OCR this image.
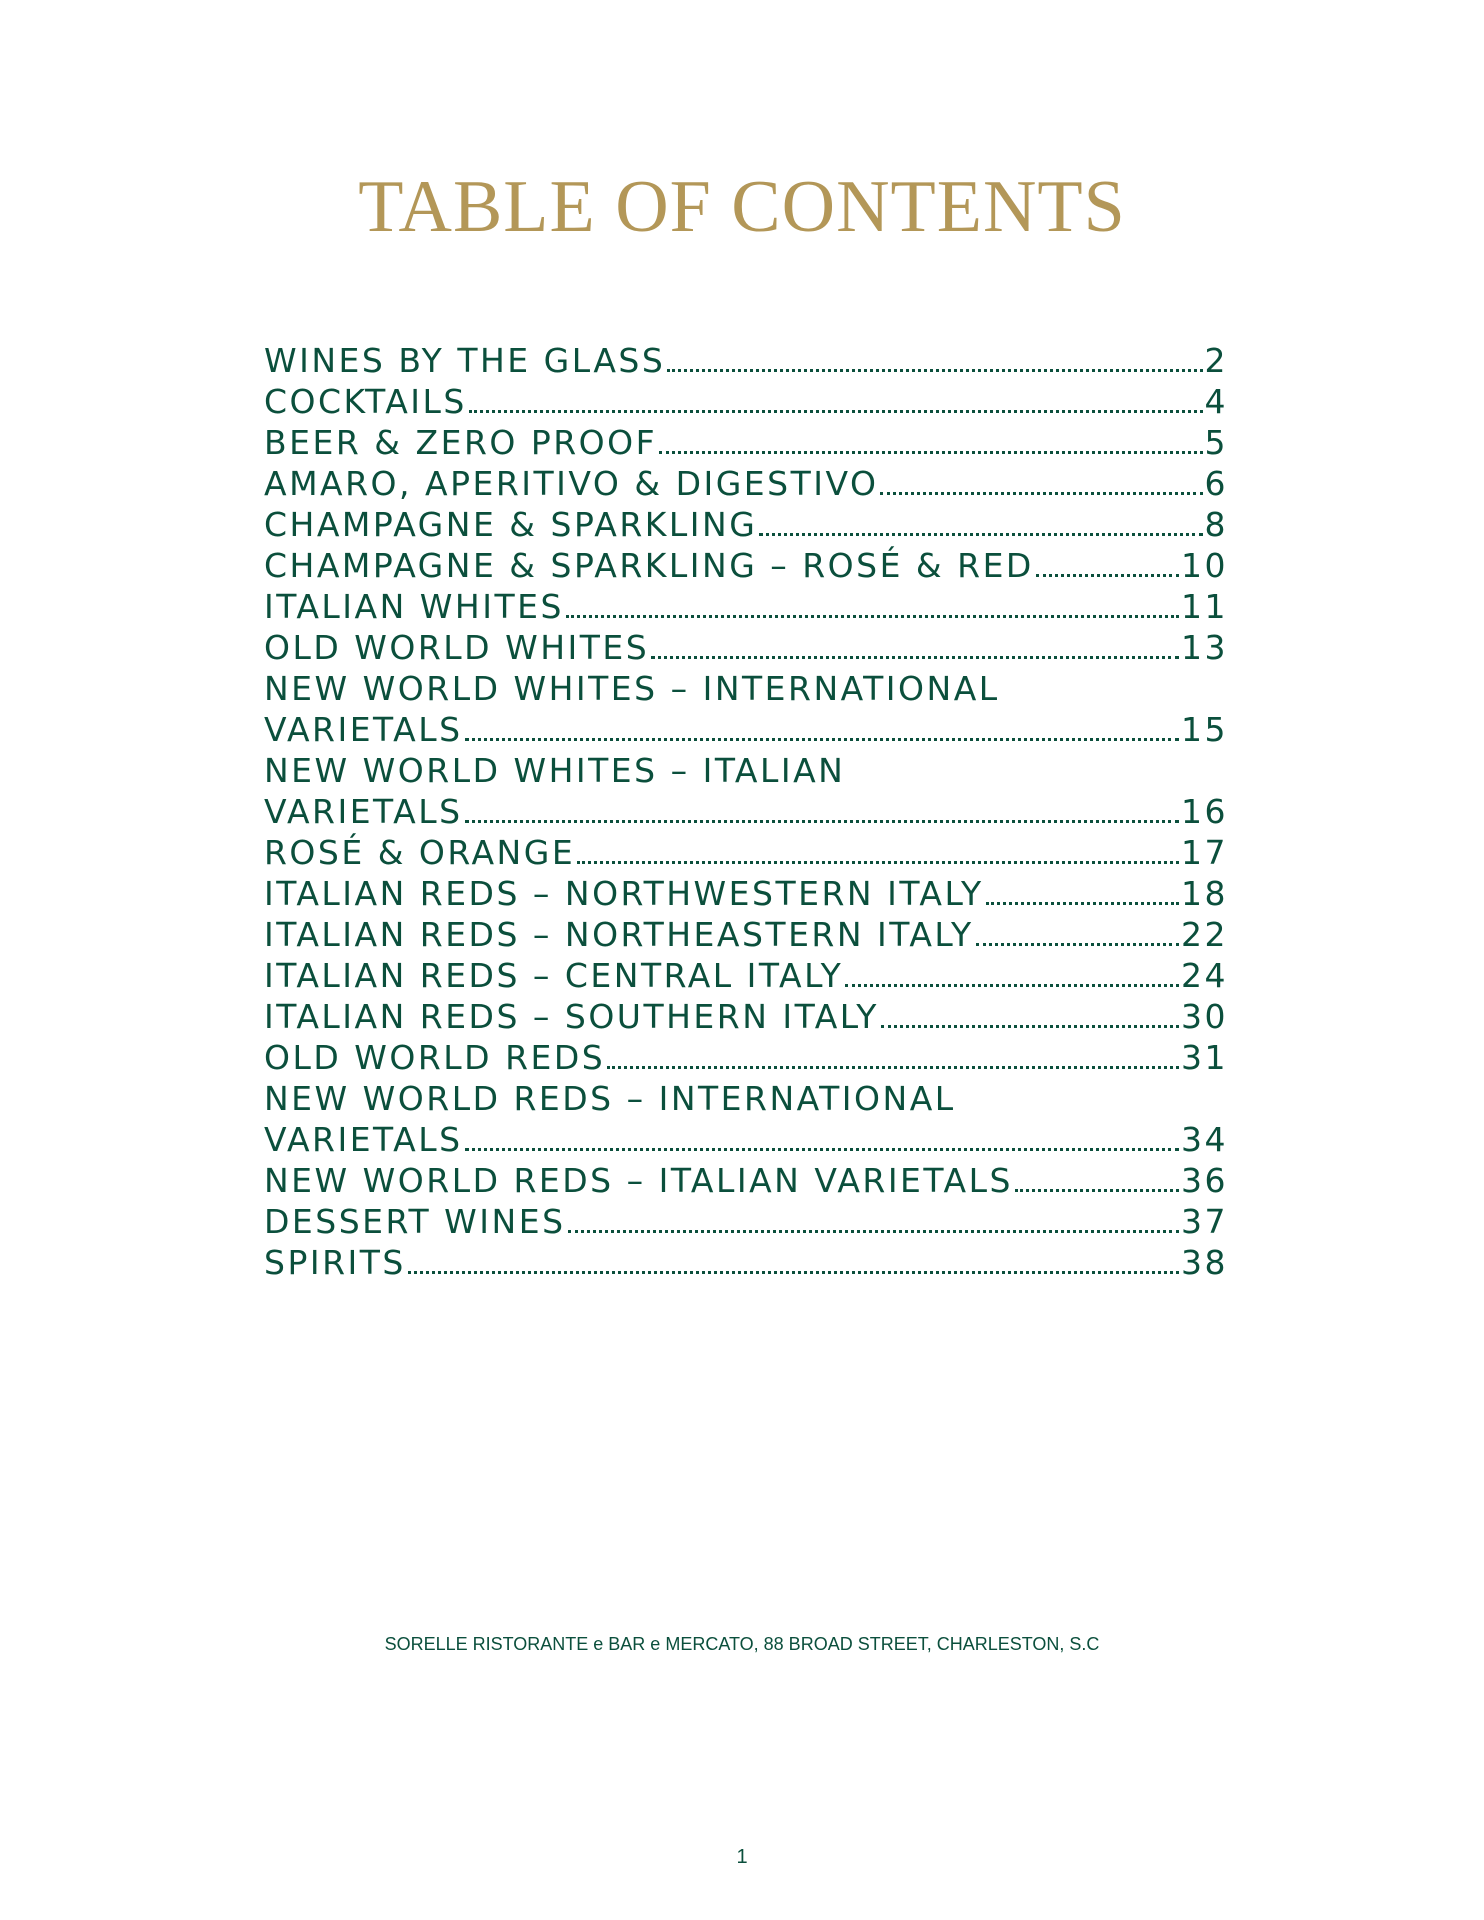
TABLE OF CONTENTS
WINES BY THE GLASS	2
COCKTAILS	4
BEER & ZERO PROOF	5
AMARO, APERITIVO & DIGESTIVO	6
CHAMPAGNE & SPARKLING	8
CHAMPAGNE & SPARKLING – ROSÉ & RED	10
ITALIAN WHITES	11
OLD WORLD WHITES	13
NEW WORLD WHITES – INTERNATIONAL
VARIETALS	15
NEW WORLD WHITES – ITALIAN
VARIETALS	16
ROSÉ & ORANGE	17
ITALIAN REDS – NORTHWESTERN ITALY	18
ITALIAN REDS – NORTHEASTERN ITALY	22
ITALIAN REDS – CENTRAL ITALY	24
ITALIAN REDS – SOUTHERN ITALY	30
OLD WORLD REDS	31
NEW WORLD REDS – INTERNATIONAL
VARIETALS	34
NEW WORLD REDS – ITALIAN VARIETALS	36
DESSERT WINES	37
SPIRITS	38
SORELLE RISTORANTE e BAR e MERCATO, 88 BROAD STREET, CHARLESTON, S.C
1
